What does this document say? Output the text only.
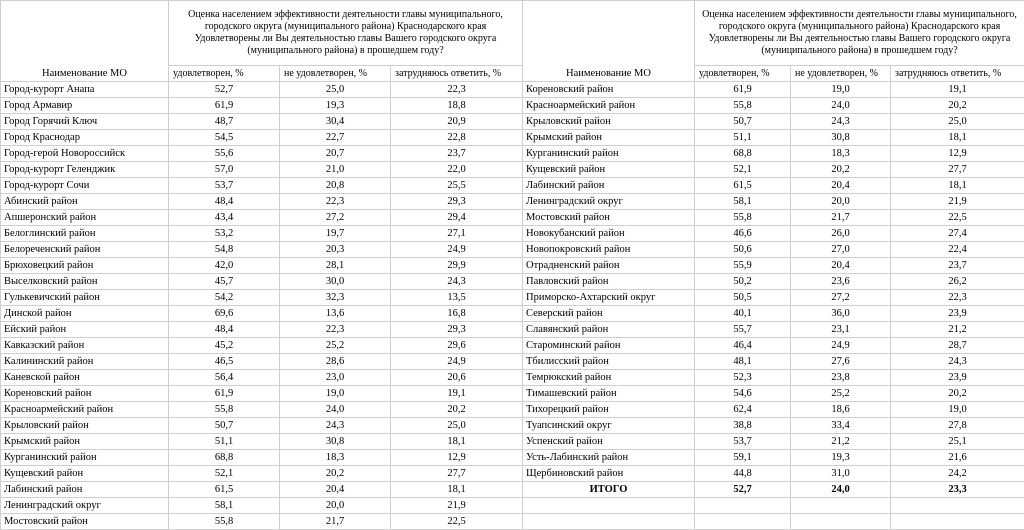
Наименование МО	Оценка населением эффективности деятельности главы муниципального, городского округа (муниципального района) Краснодарского края Удовлетворены ли Вы деятельностью главы Вашего городского округа (муниципального района) в прошедшем году?		
	удовлетворен, %	не удовлетворен, %	затрудняюсь ответить, %
Город-курорт Анапа	52,7	25,0	22,3
Город Армавир	61,9	19,3	18,8
Город Горячий Ключ	48,7	30,4	20,9
Город Краснодар	54,5	22,7	22,8
Город-герой Новороссийск	55,6	20,7	23,7
Город-курорт Геленджик	57,0	21,0	22,0
Город-курорт Сочи	53,7	20,8	25,5
Абинский район	48,4	22,3	29,3
Апшеронский район	43,4	27,2	29,4
Белоглинский район	53,2	19,7	27,1
Белореченский район	54,8	20,3	24,9
Брюховецкий район	42,0	28,1	29,9
Выселковский район	45,7	30,0	24,3
Гулькевичский район	54,2	32,3	13,5
Динской район	69,6	13,6	16,8
Ейский район	48,4	22,3	29,3
Кавказский район	45,2	25,2	29,6
Калининский район	46,5	28,6	24,9
Каневской район	56,4	23,0	20,6
Кореновский район	61,9	19,0	19,1
Красноармейский район	55,8	24,0	20,2
Крыловский район	50,7	24,3	25,0
Крымский район	51,1	30,8	18,1
Курганинский район	68,8	18,3	12,9
Кущевский район	52,1	20,2	27,7
Лабинский район	61,5	20,4	18,1
Ленинградский округ	58,1	20,0	21,9
Мостовский район	55,8	21,7	22,5
Наименование МО	Оценка населением эффективности деятельности главы муниципального, городского округа (муниципального района) Краснодарского края Удовлетворены ли Вы деятельностью главы Вашего городского округа (муниципального района) в прошедшем году?		
	удовлетворен, %	не удовлетворен, %	затрудняюсь ответить, %
Кореновский район	61,9	19,0	19,1
Красноармейский район	55,8	24,0	20,2
Крыловский район	50,7	24,3	25,0
Крымский район	51,1	30,8	18,1
Курганинский район	68,8	18,3	12,9
Кущевский район	52,1	20,2	27,7
Лабинский район	61,5	20,4	18,1
Ленинградский округ	58,1	20,0	21,9
Мостовский район	55,8	21,7	22,5
Новокубанский район	46,6	26,0	27,4
Новопокровский район	50,6	27,0	22,4
Отрадненский район	55,9	20,4	23,7
Павловский район	50,2	23,6	26,2
Приморско-Ахтарский округ	50,5	27,2	22,3
Северский район	40,1	36,0	23,9
Славянский район	55,7	23,1	21,2
Староминский район	46,4	24,9	28,7
Тбилисский район	48,1	27,6	24,3
Темрюкский район	52,3	23,8	23,9
Тимашевский район	54,6	25,2	20,2
Тихорецкий район	62,4	18,6	19,0
Туапсинский округ	38,8	33,4	27,8
Успенский район	53,7	21,2	25,1
Усть-Лабинский район	59,1	19,3	21,6
Щербиновский район	44,8	31,0	24,2
ИТОГО	52,7	24,0	23,3
